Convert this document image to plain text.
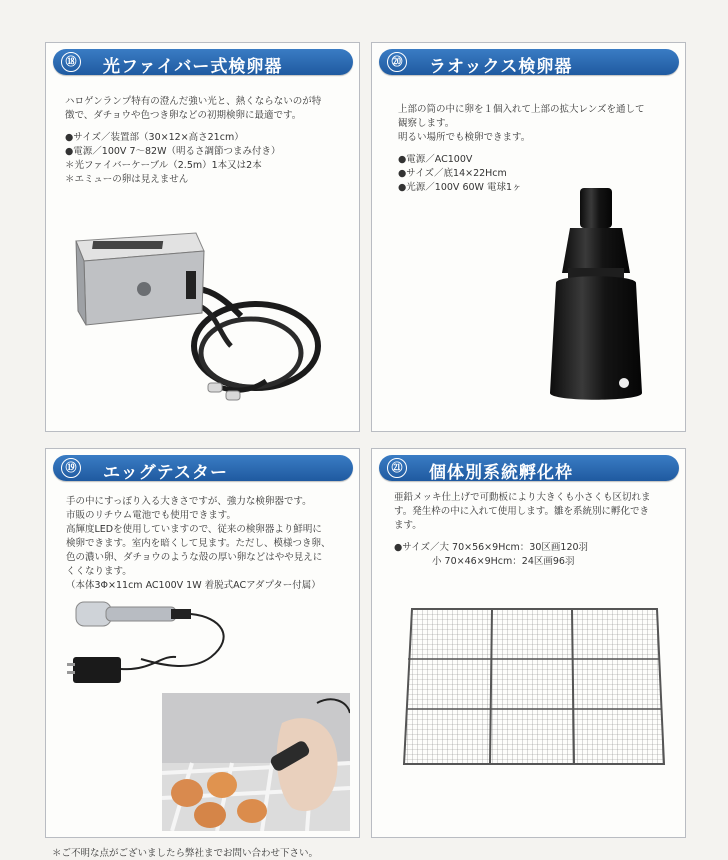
⑱ 光ファイバー式検卵器
ハロゲンランプ特有の澄んだ強い光と、熱くならないのが特
徴で、ダチョウや色つき卵などの初期検卵に最適です。
●サイズ／装置部（30×12×高さ21cm）
●電源／100V 7〜82W（明るさ調節つまみ付き）
＊光ファイバーケーブル（2.5m）1本又は2本
＊エミューの卵は見えません
⑳ ラオックス検卵器
上部の筒の中に卵を１個入れて上部の拡大レンズを通して
観察します。
明るい場所でも検卵できます。
●電源／AC100V
●サイズ／底14×22Hcm
●光源／100V 60W 電球1ヶ
⑲ エッグテスター
手の中にすっぽり入る大きさですが、強力な検卵器です。
市販のリチウム電池でも使用できます。
高輝度LEDを使用していますので、従来の検卵器より鮮明に
検卵できます。室内を暗くして見ます。ただし、模様つき卵、
色の濃い卵、ダチョウのような殻の厚い卵などはやや見えに
くくなります。
（本体3Φ×11cm AC100V 1W 着脱式ACアダプター付属）
㉑ 個体別系統孵化枠
亜鉛メッキ仕上げで可動板により大きくも小さくも区切れま
す。発生枠の中に入れて使用します。雛を系統別に孵化でき
ます。
●サイズ／大 70×56×9Hcm：30区画120羽
　　　　小 70×46×9Hcm：24区画96羽
＊ご不明な点がございましたら弊社までお問い合わせ下さい。
